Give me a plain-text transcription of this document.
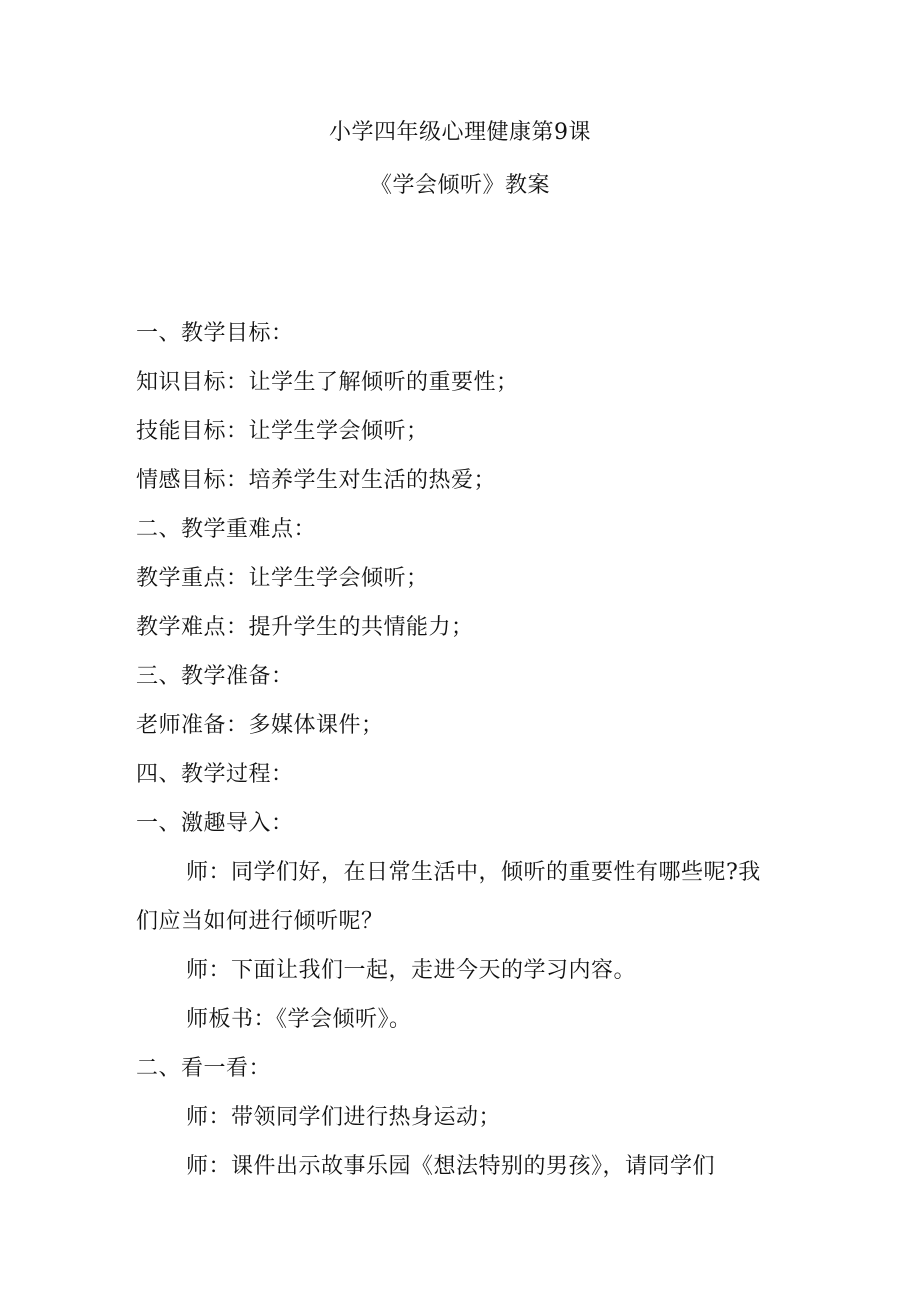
小学四年级心理健康第9课
《学会倾听》教案
一、教学目标：
知识目标：让学生了解倾听的重要性；
技能目标：让学生学会倾听；
情感目标：培养学生对生活的热爱；
二、教学重难点：
教学重点：让学生学会倾听；
教学难点：提升学生的共情能力；
三、教学准备：
老师准备：多媒体课件；
四、教学过程：
一、激趣导入：
师：同学们好，在日常生活中，倾听的重要性有哪些呢?我
们应当如何进行倾听呢？
师：下面让我们一起，走进今天的学习内容。
师板书：《学会倾听》。
二、看一看：
师：带领同学们进行热身运动；
师：课件出示故事乐园《想法特别的男孩》，请同学们
